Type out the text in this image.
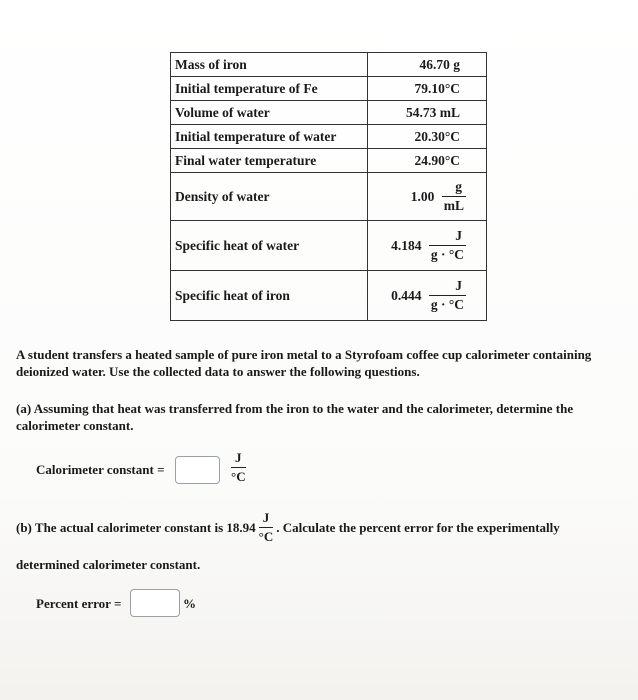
Mass of iron	46.70 g
Initial temperature of Fe	79.10°C
Volume of water	54.73 mL
Initial temperature of water	20.30°C
Final water temperature	24.90°C
Density of water	$1.00 \frac{g}{mL}$

Specific heat of water	$4.184 \frac{J}{g \cdot ^\circ C}$

Specific heat of iron	$0.444 \frac{J}{g \cdot ^\circ C}$
A student transfers a heated sample of pure iron metal to a Styrofoam coffee cup calorimeter containing deionized water. Use the collected data to answer the following questions.
(a) Assuming that heat was transferred from the iron to the water and the calorimeter, determine the calorimeter constant.
Calorimeter constant =	$\frac{J}{^\circ C}$
(b) The actual calorimeter constant is $18.94 \frac{J}{^\circ C}$ . Calculate the percent error for the experimentally
determined calorimeter constant.
Percent error =	%
